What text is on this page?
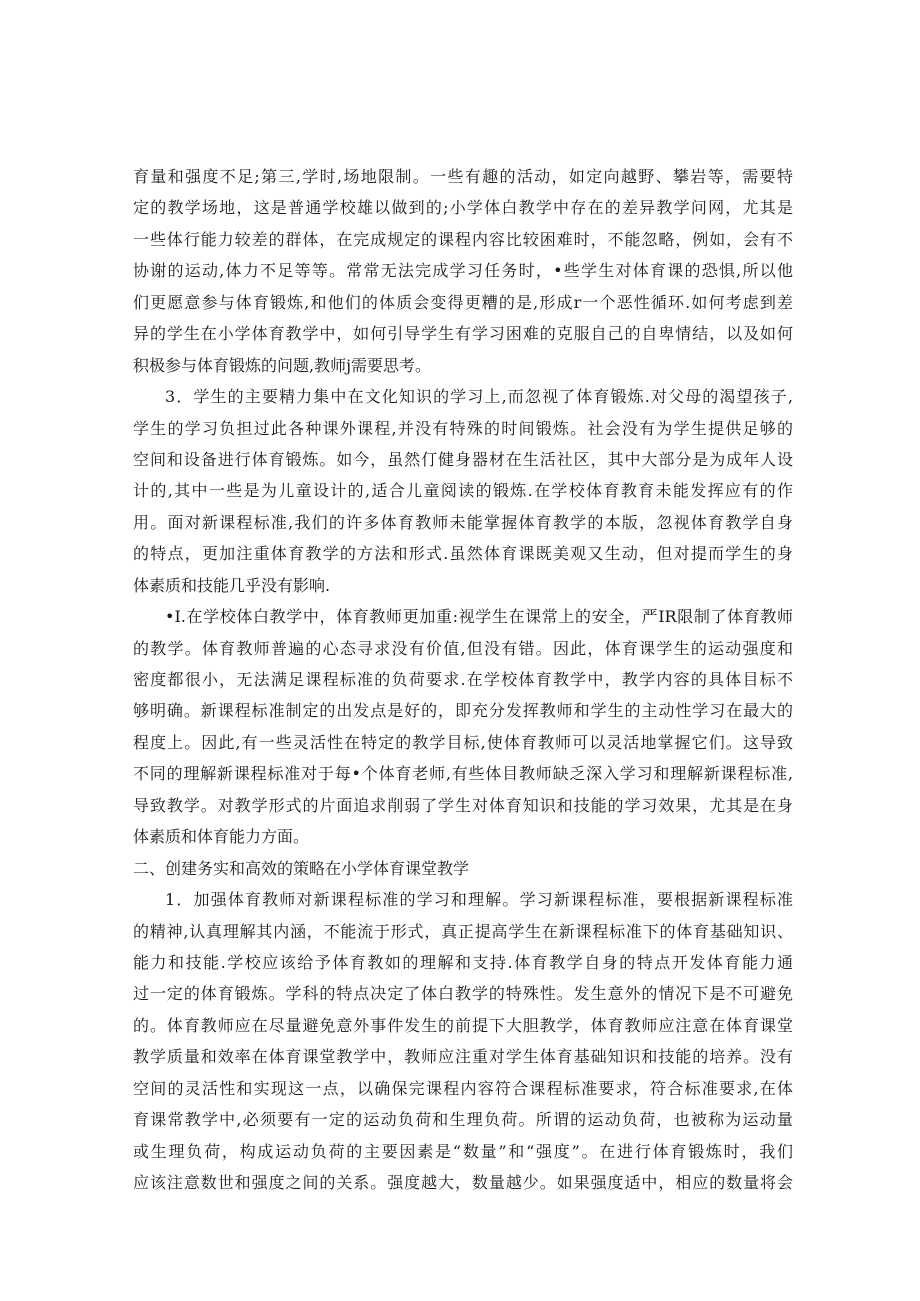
育量和强度不足;第三,学时,场地限制。一些有趣的活动，如定向越野、攀岩等，需要特
定的教学场地，这是普通学校雄以做到的;小学体白教学中存在的差异教学问网，尤其是
一些体行能力较差的群体，在完成规定的课程内容比较困难时，不能忽略，例如，会有不
协谢的运动,体力不足等等。常常无法完成学习任务时，•些学生对体育课的恐惧,所以他
们更愿意参与体育锻炼,和他们的体质会变得更糟的是,形成r一个恶性循环.如何考虑到差
异的学生在小学体育教学中，如何引导学生有学习困难的克服自己的自卑情结，以及如何
积极参与体育锻炼的问题,教师j需要思考。
3．学生的主要精力集中在文化知识的学习上,而忽视了体育锻炼.对父母的渴望孩子,
学生的学习负担过此各种课外课程,并没有特殊的时间锻炼。社会没有为学生提供足够的
空间和设备进行体育锻炼。如今，虽然仃健身器材在生活社区，其中大部分是为成年人设
计的,其中一些是为儿童设计的,适合儿童阅读的锻炼.在学校体育教育未能发挥应有的作
用。面对新课程标准,我们的许多体育教师未能掌握体育教学的本版，忽视体育教学自身
的特点，更加注重体育教学的方法和形式.虽然体育课既美观又生动，但对提而学生的身
体素质和技能几乎没有影响.
•I.在学校体白教学中，体育教师更加重:视学生在课常上的安全，严IR限制了体育教师
的教学。体育教师普遍的心态寻求没有价值,但没有错。因此，体育课学生的运动强度和
密度都很小，无法满足课程标准的负荷要求.在学校体育教学中，教学内容的具体目标不
够明确。新课程标准制定的出发点是好的，即充分发挥教师和学生的主动性学习在最大的
程度上。因此,有一些灵活性在特定的教学目标,使体育教师可以灵活地掌握它们。这导致
不同的理解新课程标准对于每•个体育老师,有些体目教师缺乏深入学习和理解新课程标准,
导致教学。对教学形式的片面追求削弱了学生对体育知识和技能的学习效果，尤其是在身
体素质和体育能力方面。
二、创建务实和高效的策略在小学体育课堂教学
1．加强体育教师对新课程标准的学习和理解。学习新课程标准，要根据新课程标准
的精神,认真理解其内涵，不能流于形式，真正提高学生在新课程标准下的体育基础知识、
能力和技能.学校应该给予体育教如的理解和支持.体育教学自身的特点开发体育能力通
过一定的体育锻炼。学科的特点决定了体白教学的特殊性。发生意外的情况下是不可避免
的。体育教师应在尽量避免意外事件发生的前提下大胆教学，体育教师应注意在体育课堂
教学质量和效率在体育课堂教学中，教师应注重对学生体育基础知识和技能的培养。没有
空间的灵活性和实现这一点，以确保完课程内容符合课程标准要求，符合标准要求,在体
育课常教学中,必须要有一定的运动负荷和生理负荷。所谓的运动负荷，也被称为运动量
或生理负荷，构成运动负荷的主要因素是“数量”和“强度”。在进行体育锻炼时，我们
应该注意数世和强度之间的关系。强度越大，数量越少。如果强度适中，相应的数量将会
